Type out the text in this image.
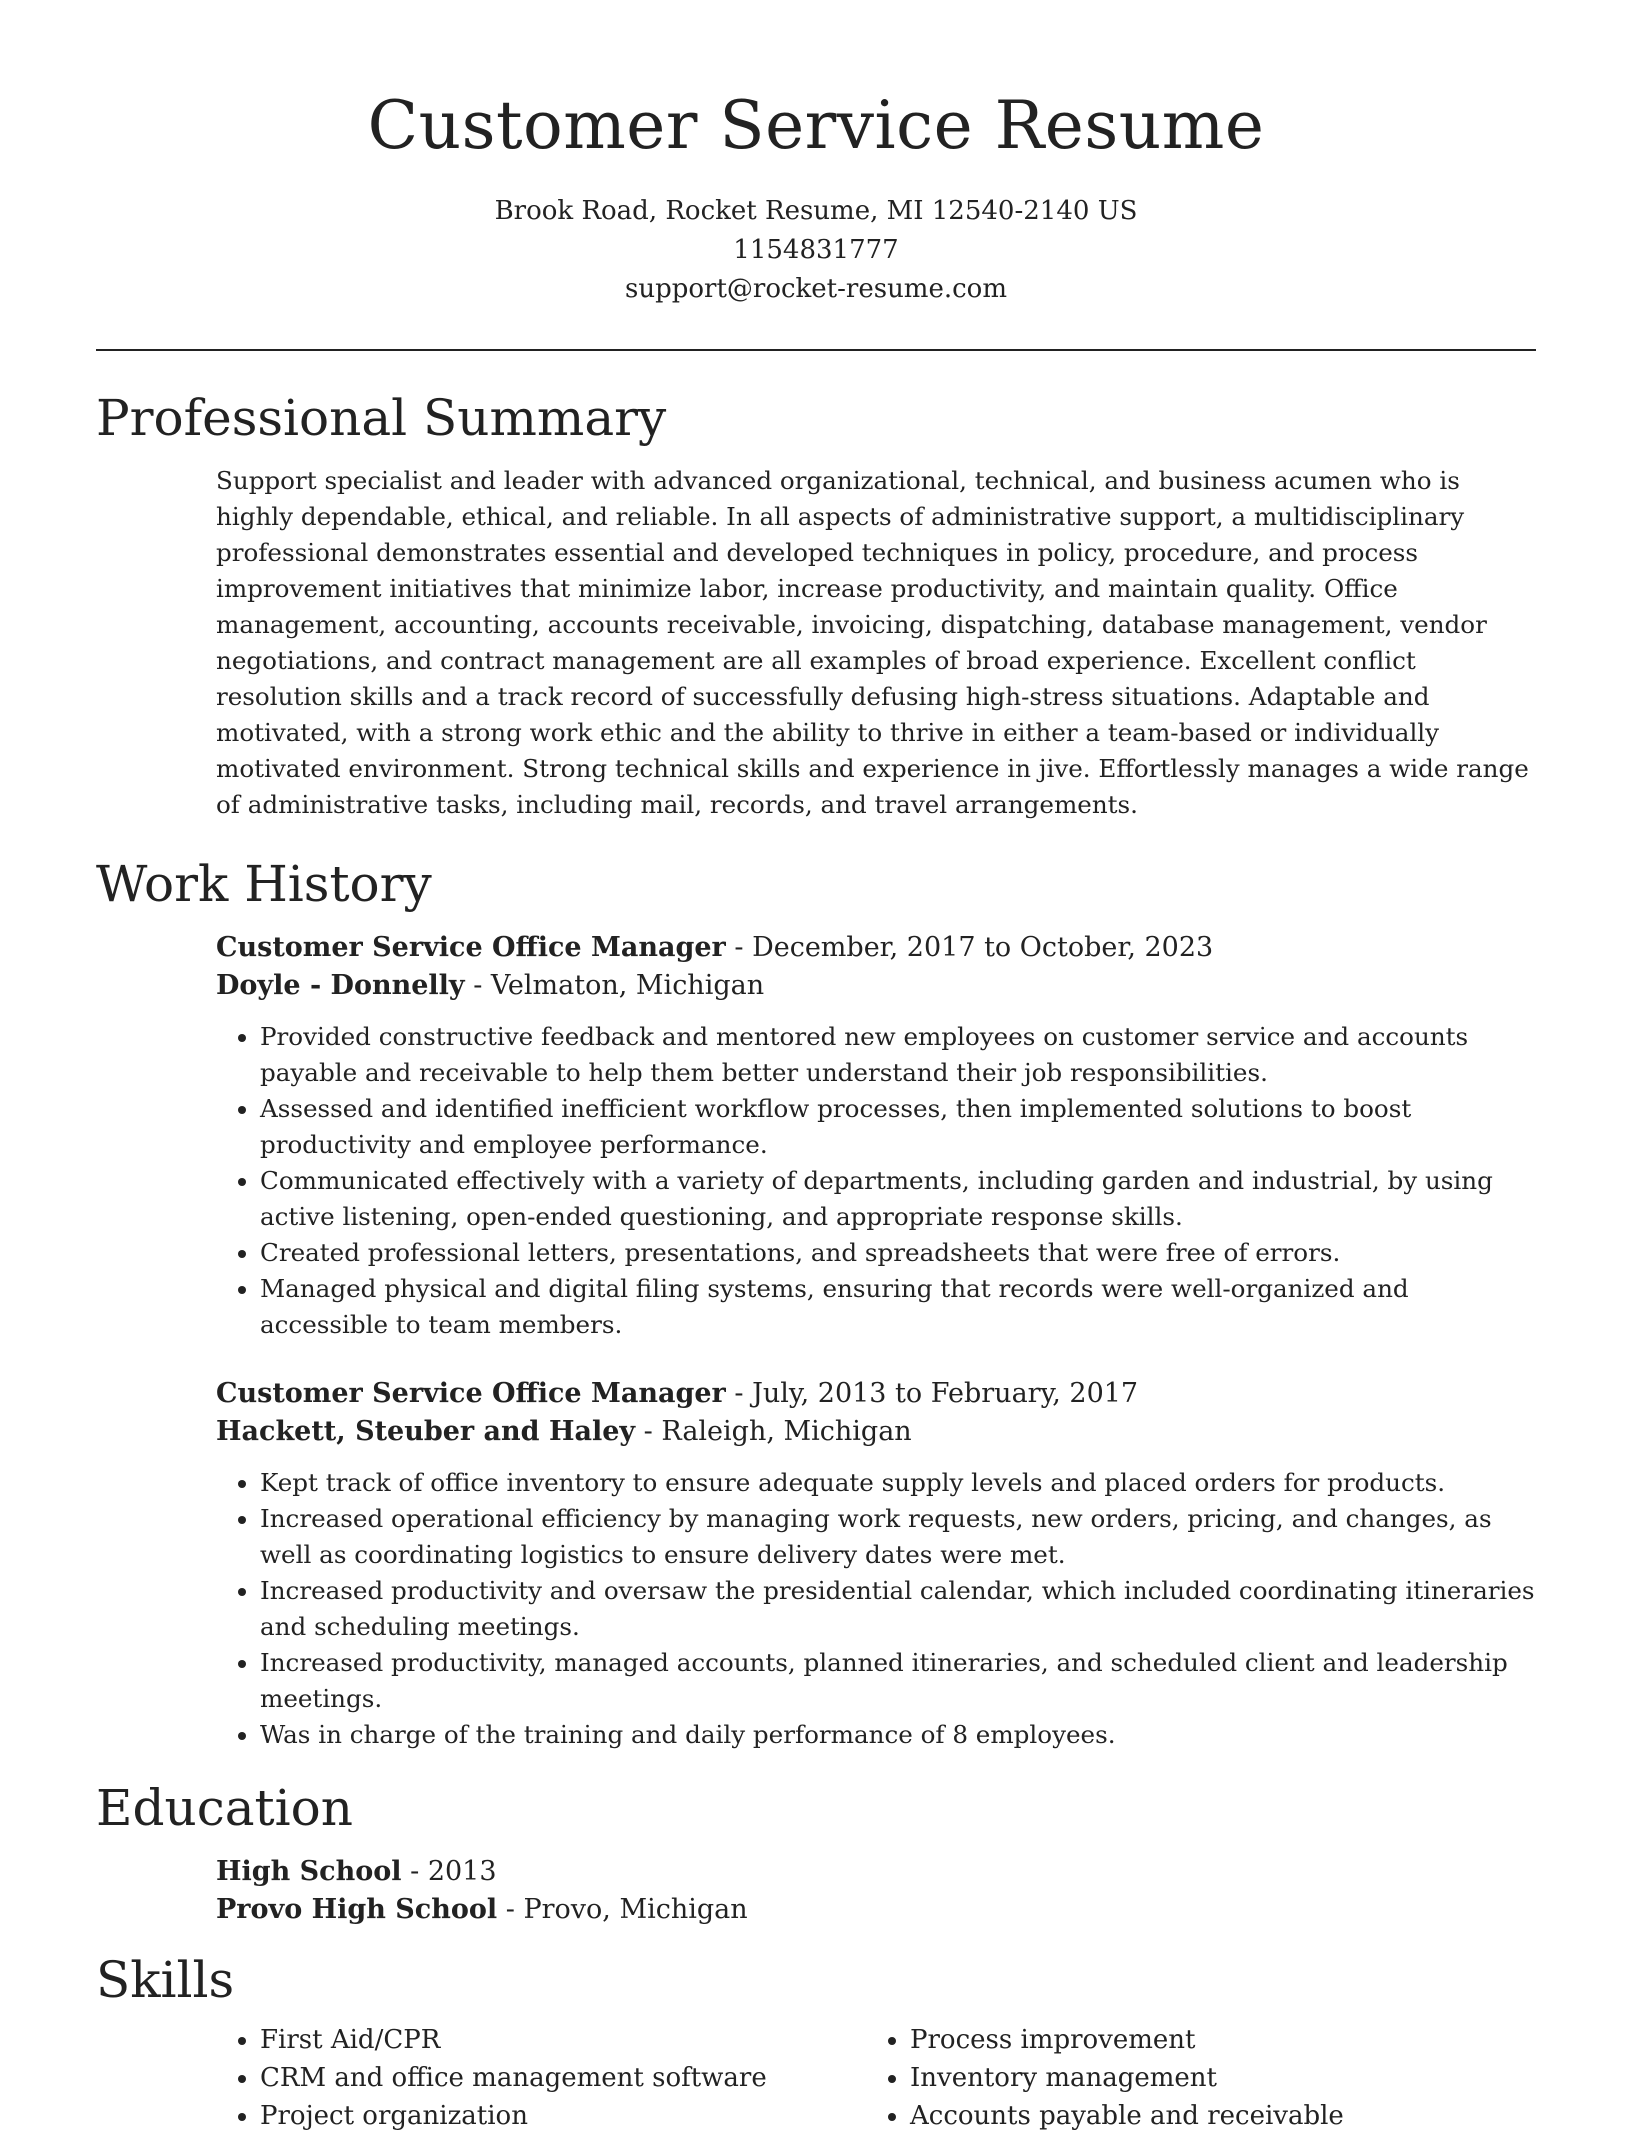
Customer Service Resume
Brook Road, Rocket Resume, MI 12540-2140 US
1154831777
support@rocket-resume.com
Professional Summary

Support specialist and leader with advanced organizational, technical, and business acumen who is highly dependable, ethical, and reliable. In all aspects of administrative support, a multidisciplinary professional demonstrates essential and developed techniques in policy, procedure, and process improvement initiatives that minimize labor, increase productivity, and maintain quality. Office management, accounting, accounts receivable, invoicing, dispatching, database management, vendor negotiations, and contract management are all examples of broad experience. Excellent conflict resolution skills and a track record of successfully defusing high-stress situations. Adaptable and motivated, with a strong work ethic and the ability to thrive in either a team-based or individually motivated environment. Strong technical skills and experience in jive. Effortlessly manages a wide range of administrative tasks, including mail, records, and travel arrangements.

Work History
Customer Service Office Manager - December, 2017 to October, 2023
Doyle - Donnelly - Velmaton, Michigan
• Provided constructive feedback and mentored new employees on customer service and accounts payable and receivable to help them better understand their job responsibilities.
• Assessed and identified inefficient workflow processes, then implemented solutions to boost productivity and employee performance.
• Communicated effectively with a variety of departments, including garden and industrial, by using active listening, open-ended questioning, and appropriate response skills.
• Created professional letters, presentations, and spreadsheets that were free of errors.
• Managed physical and digital filing systems, ensuring that records were well-organized and accessible to team members.
Customer Service Office Manager - July, 2013 to February, 2017
Hackett, Steuber and Haley - Raleigh, Michigan
• Kept track of office inventory to ensure adequate supply levels and placed orders for products.
• Increased operational efficiency by managing work requests, new orders, pricing, and changes, as well as coordinating logistics to ensure delivery dates were met.
• Increased productivity and oversaw the presidential calendar, which included coordinating itineraries and scheduling meetings.
• Increased productivity, managed accounts, planned itineraries, and scheduled client and leadership meetings.
• Was in charge of the training and daily performance of 8 employees.
Education
High School - 2013
Provo High School - Provo, Michigan
Skills
• First Aid/CPR
• CRM and office management software
• Project organization
• Process improvement
• Inventory management
• Accounts payable and receivable
